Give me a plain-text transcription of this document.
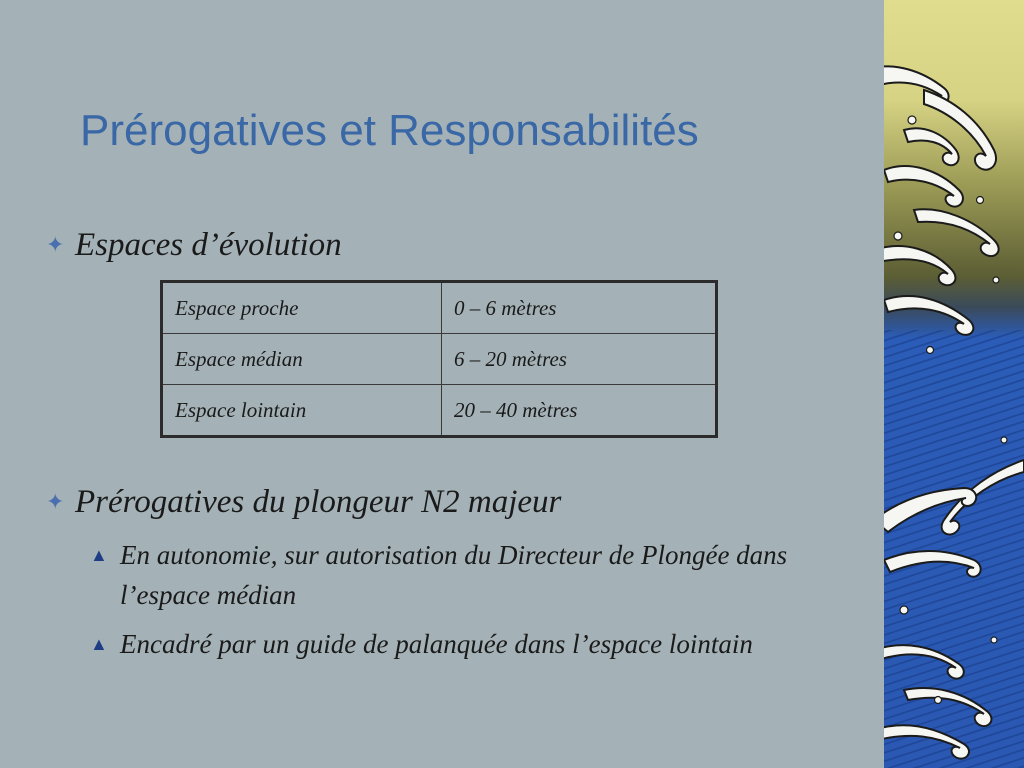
Prérogatives et Responsabilités
✦ Espaces d’évolution
Espace proche	0 – 6 mètres
Espace médian	6 – 20 mètres
Espace lointain	20 – 40 mètres
✦ Prérogatives du plongeur N2 majeur
▲ En autonomie, sur autorisation du Directeur de Plongée dans l’espace médian
▲ Encadré par un guide de palanquée dans l’espace lointain
